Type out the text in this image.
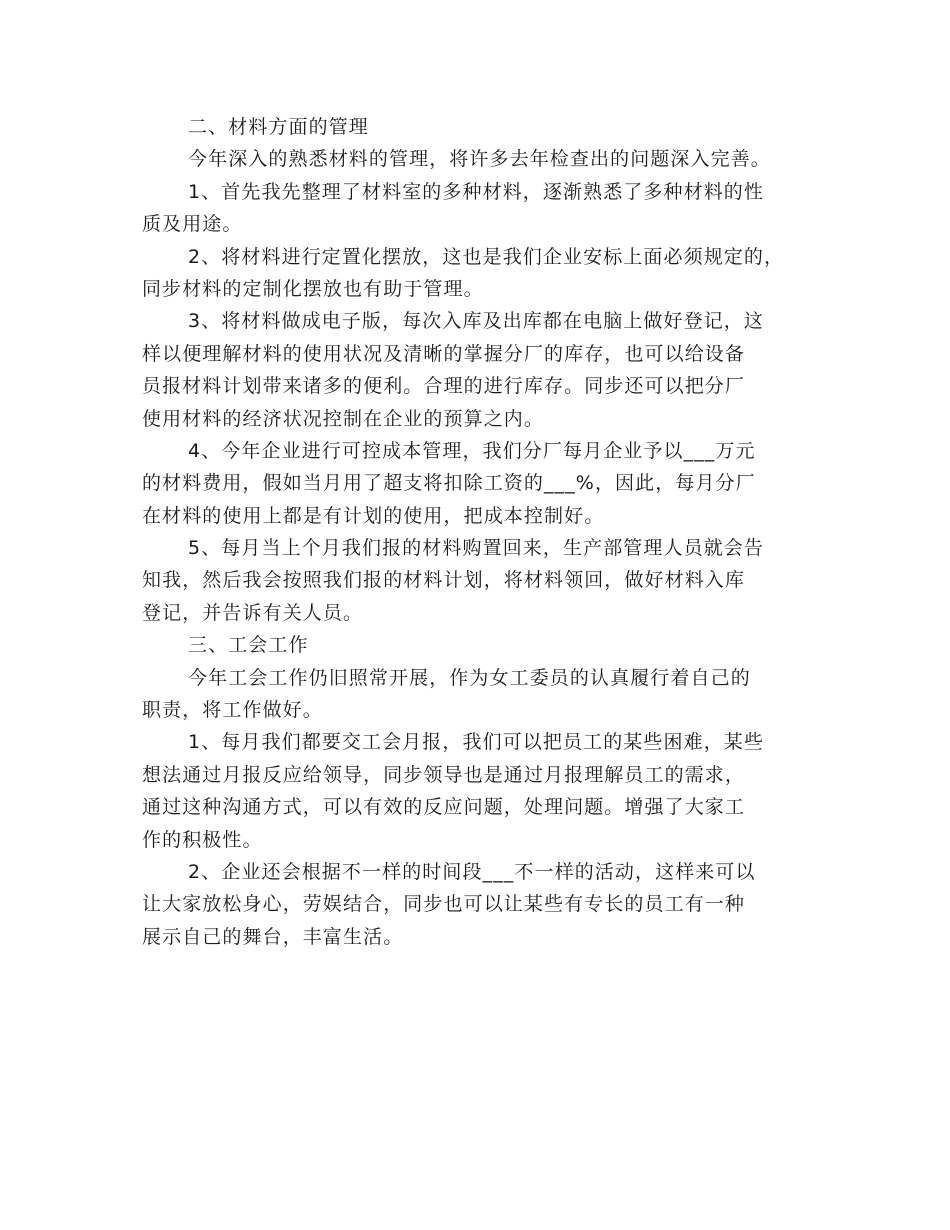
二、材料方面的管理
今年深入的熟悉材料的管理，将许多去年检查出的问题深入完善。
1、首先我先整理了材料室的多种材料，逐渐熟悉了多种材料的性
质及用途。
2、将材料进行定置化摆放，这也是我们企业安标上面必须规定的，
同步材料的定制化摆放也有助于管理。
3、将材料做成电子版，每次入库及出库都在电脑上做好登记，这
样以便理解材料的使用状况及清晰的掌握分厂的库存，也可以给设备
员报材料计划带来诸多的便利。合理的进行库存。同步还可以把分厂
使用材料的经济状况控制在企业的预算之内。
4、今年企业进行可控成本管理，我们分厂每月企业予以___万元
的材料费用，假如当月用了超支将扣除工资的___%，因此，每月分厂
在材料的使用上都是有计划的使用，把成本控制好。
5、每月当上个月我们报的材料购置回来，生产部管理人员就会告
知我，然后我会按照我们报的材料计划，将材料领回，做好材料入库
登记，并告诉有关人员。
三、工会工作
今年工会工作仍旧照常开展，作为女工委员的认真履行着自己的
职责，将工作做好。
1、每月我们都要交工会月报，我们可以把员工的某些困难，某些
想法通过月报反应给领导，同步领导也是通过月报理解员工的需求，
通过这种沟通方式，可以有效的反应问题，处理问题。增强了大家工
作的积极性。
2、企业还会根据不一样的时间段___不一样的活动，这样来可以
让大家放松身心，劳娱结合，同步也可以让某些有专长的员工有一种
展示自己的舞台，丰富生活。
